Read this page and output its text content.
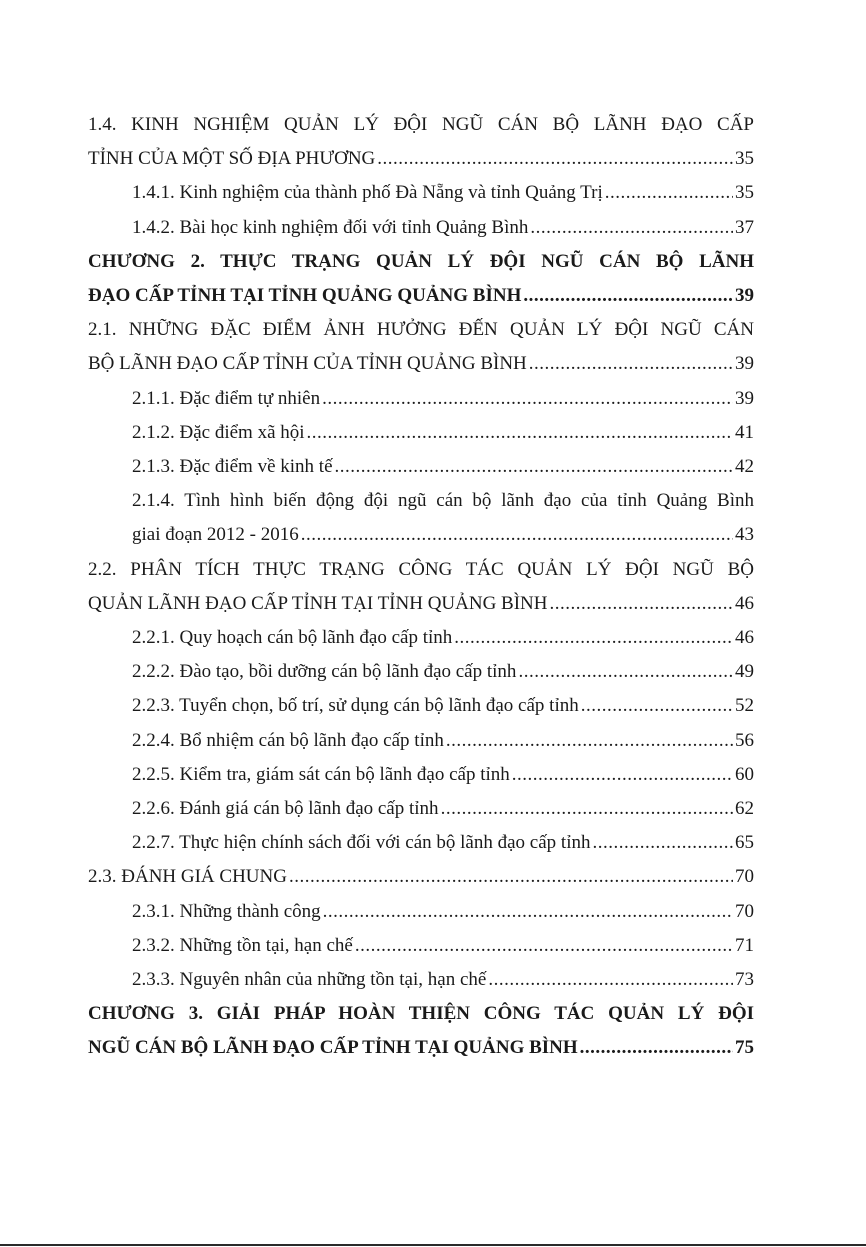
1.4. KINH NGHIỆM QUẢN LÝ ĐỘI NGŨ CÁN BỘ LÃNH ĐẠO CẤP
TỈNH CỦA MỘT SỐ ĐỊA PHƯƠNG .....	35
1.4.1. Kinh nghiệm của thành phố Đà Nẵng và tỉnh Quảng Trị .....	35
1.4.2. Bài học kinh nghiệm đối với tỉnh Quảng Bình .....	37
CHƯƠNG 2. THỰC TRẠNG QUẢN LÝ ĐỘI NGŨ CÁN BỘ LÃNH
ĐẠO CẤP TỈNH TẠI TỈNH QUẢNG QUẢNG BÌNH .....	39
2.1. NHỮNG ĐẶC ĐIỂM ẢNH HƯỞNG ĐẾN QUẢN LÝ ĐỘI NGŨ CÁN
BỘ LÃNH ĐẠO CẤP TỈNH CỦA TỈNH QUẢNG BÌNH .....	39
2.1.1. Đặc điểm tự nhiên .....	39
2.1.2. Đặc điểm xã hội .....	41
2.1.3. Đặc điểm về kinh tế .....	42
2.1.4. Tình hình biến động đội ngũ cán bộ lãnh đạo của tỉnh Quảng Bình
giai đoạn 2012 - 2016 .....	43
2.2. PHÂN TÍCH THỰC TRẠNG CÔNG TÁC QUẢN LÝ ĐỘI NGŨ BỘ
QUẢN LÃNH ĐẠO CẤP TỈNH TẠI TỈNH QUẢNG BÌNH .....	46
2.2.1. Quy hoạch cán bộ lãnh đạo cấp tỉnh .....	46
2.2.2. Đào tạo, bồi dưỡng cán bộ lãnh đạo cấp tỉnh .....	49
2.2.3. Tuyển chọn, bố trí, sử dụng cán bộ lãnh đạo cấp tỉnh .....	52
2.2.4. Bổ nhiệm cán bộ lãnh đạo cấp tỉnh .....	56
2.2.5. Kiểm tra, giám sát cán bộ lãnh đạo cấp tỉnh .....	60
2.2.6. Đánh giá cán bộ lãnh đạo cấp tỉnh .....	62
2.2.7. Thực hiện chính sách đối với cán bộ lãnh đạo cấp tỉnh .....	65
2.3. ĐÁNH GIÁ CHUNG .....	70
2.3.1. Những thành công .....	70
2.3.2. Những tồn tại, hạn chế .....	71
2.3.3. Nguyên nhân của những tồn tại, hạn chế .....	73
CHƯƠNG 3. GIẢI PHÁP HOÀN THIỆN CÔNG TÁC QUẢN LÝ ĐỘI
NGŨ CÁN BỘ LÃNH ĐẠO CẤP TỈNH TẠI QUẢNG BÌNH .....	75
